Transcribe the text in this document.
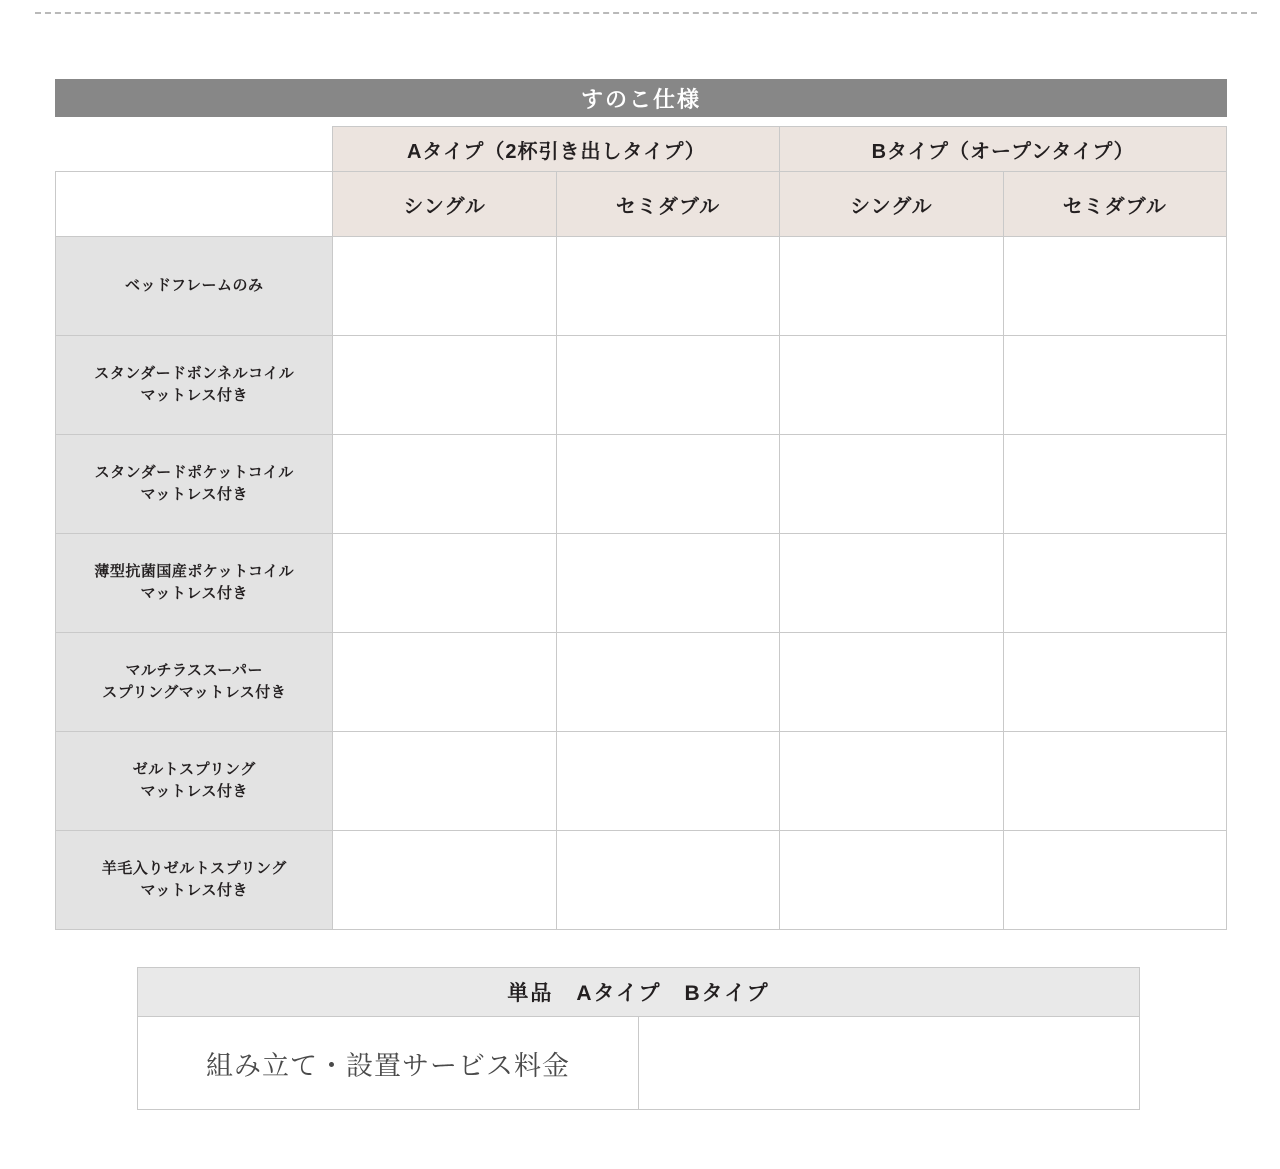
すのこ仕様
	Aタイプ（2杯引き出しタイプ）		Bタイプ（オープンタイプ）	
	シングル	セミダブル	シングル	セミダブル

ベッドフレームのみ				

スタンダードボンネルコイル
マットレス付き				

スタンダードポケットコイル
マットレス付き				

薄型抗菌国産ポケットコイル
マットレス付き				

マルチラススーパー
スプリングマットレス付き				

ゼルトスプリング
マットレス付き				

羊毛入りゼルトスプリング
マットレス付き				

単品　Aタイプ　Bタイプ
組み立て・設置サービス料金	
